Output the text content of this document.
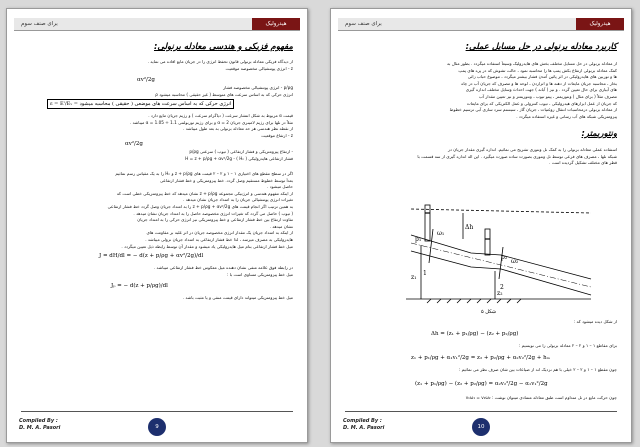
هیدرولیک
برای صنف سوم
مفهوم فزیکی و هندسی معادله برنولی:
از دیدگاه فزیکی معادله برنولی قانون تحفظ انرژی را در جریان مایع افاده می نماید .
z - انرژی پوتنشیالی مخصوصه موقعیت
αv²/2g
p/ρg - انرژی پوتنشیالی مخصوصه فشار
انرژی حرکی که به اساس سرعت های متوسط ( غیر حقیقی ) محاسبه میشود ρ
ε = E'/Eᵥ = انرژی حرکی که به اساس سرعت های موضعی ( حقیقی ) محاسبه میشود
قیمت α مربوط به شکل انتشار سرعت ( دیاگرام سرعت ) و رژیم جریان مایع دارد .
مثلاً در نلها برای رژیم لامینری جریان α = 2 و برای رژیم توربولنتی α = 1.05 ÷ 1.1 میباشد .
از نقطه نظر هندسی هر حد معادله برنولی به بعد طول میباشد .
z - ارتفاع موقعیت
αv²/2g
- ارتفاع پیزومتریکی و فشار ارتفاعی ( تیوب ) سرعتی p/ρg
فشار ارتفاعی هایدرولیکی ( Hₙ ) - H = z + p/ρg + αv²/2g
اگر در سطح مقطع های اختیاری ۱ – ۱ و ۲ – ۲ قیمت های z + p/ρg و Hₙ را به یک مقیاس رسم نمائیم
بعداً توسط خطوط مستقیم وصل گردد. خط پیزومتریکی و خط فشار ارتفاعی
حاصل میشود .
از اینکه مفهوم هندسی و انرژتیکی مجموعه z + p/ρg نشان میدهد که خط پیزومتریکی خطی است که
تغیرات انرژی پوتنشیالی جریان را به امتداد جریان نشان میدهد .
به همین ترتیب اگر انجام قیمت های z + p/ρg + αv²/2g را به امتداد جریان وصل گردد خط فشار ارتفاعی
( تیوب ) حاصل می گردد که تغیرات انرژی مخصوصه حاصل را به امتداد جریان نشان میدهد .
تفاوت ارتفاع بین خط فشار ارتفاعی و خط پیزومتریکی نیز انرژی حرکی را به امتداد جریان
نشان میدهد .
از اینکه به امتداد جریان یک مقدار انرژی مخصوصه جریان در اثر غلبه بر مقاومت های
هایدرولیکی به مصرف میرسد ، لذا خط فشار ارتفاعی به امتداد جریان نزولی میباشد .
میل خط فشار ارتفاعی بنام میل هایدرولیکی یاد میشود و مقدار آن توسط رابطه ذیل تعیین میگردد .
J = dH/dl = − d(z + p/ρg + αv²/2g)/dl
در رابطه فوق علامه منفی نشان دهنده میل معکوس خط فشار ارتفاعی میباشد .
میل خط پیزومتریکی مساوی است با :
Jₚ = − d(z + p/ρg)/dl
میل خط پیزومتریکی میتواند دارای قیمت منفی و یا مثبت باشد .
Compiled By :
D. M. A. Pasori	9
هیدرولیک
برای صنف سوم
کاربرد معادله برنولی در حل مسایل عملی:
از معادله برنولی در حل مسایل مختلف بخش های هایدرولیک وسیعاً استفاده میگردد . بطور مثال به
کمک معادله برنولی ارتفاع بکش پمپ ها را محاسبه نمود ، حالت تشوش که در پره های پمپ
ها و توربین های هایدرولیکی در اثر پائین آمدن فشار بیشتر میگردد ، موضوع حباب زائی
بخار ، محاسبه جریان مایعات از دهنه ها و اتزاردن ، لوحه ها و مصرف که جریان آب در چاه
های آبیاری برای حال تعیین گردد . و نیز ( آبانه ) جهت احداث وسایل مختلف اندازه گیری
مصرف مثلاً ( برای مثال ) ونتوریمتر ، پیتو تیوب ، ونتوریمتر و نیز تعیین مقدار آب
که جریان از عمل ابزارهای هیدرولیکی ، تیوب کنترولی و عمل الکتریکی که برای مایعات
از معادله برنولی درمحاسبات انتقال روغنیات ، جریان گاز ، سیستم سرد سازی آبی ترسیم خطوط
پیزومتریکی شبکه های آب رسانی و غیره استفاده میگردد .
ونتوریمتر:
استفاده عملی معادله برنولی را به کمک نل ونتوری تشریح می نمائیم. اندازه گیری مقدار جریان در
شبکه نلها ، مصرف های فرعی توسط نل ونتوری بصورت ساده صورت میگیرد . این اله اندازه گیری از سه قسمت با
قطر های مختلف تشکیل گردیده است .
p₁
p₂
1
2
z₁
z₂
Δh
ω₁
ω₂
شکل ۵
از شکل دیده میشود که :
Δh = (z₁ + p₁/ρg) − (z₂ + p₂/ρg)
برای مقاطع ۱ – ۱ و ۲ – ۲ معادله برنولی را می نویسیم :
z₁ + p₁/ρg + α₁v₁²/2g = z₂ + p₂/ρg + α₂v₂²/2g + hₘ
چون مقطع ۱ – ۱ و ۲ – ۲ خیلی با هم نزدیک اند از ضیاعات بین شان صرف نظر می نمائیم :
(z₁ + p₁/ρg) − (z₂ + p₂/ρg) = α₂v₂²/2g − α₁v₁²/2g
چون حرکت مایع در نل متداوم است طبق معادله متمادی میتوان نوشت : v₁ω₁ = v₂ω₂
Compiled By :
D. M. A. Pasori	10
